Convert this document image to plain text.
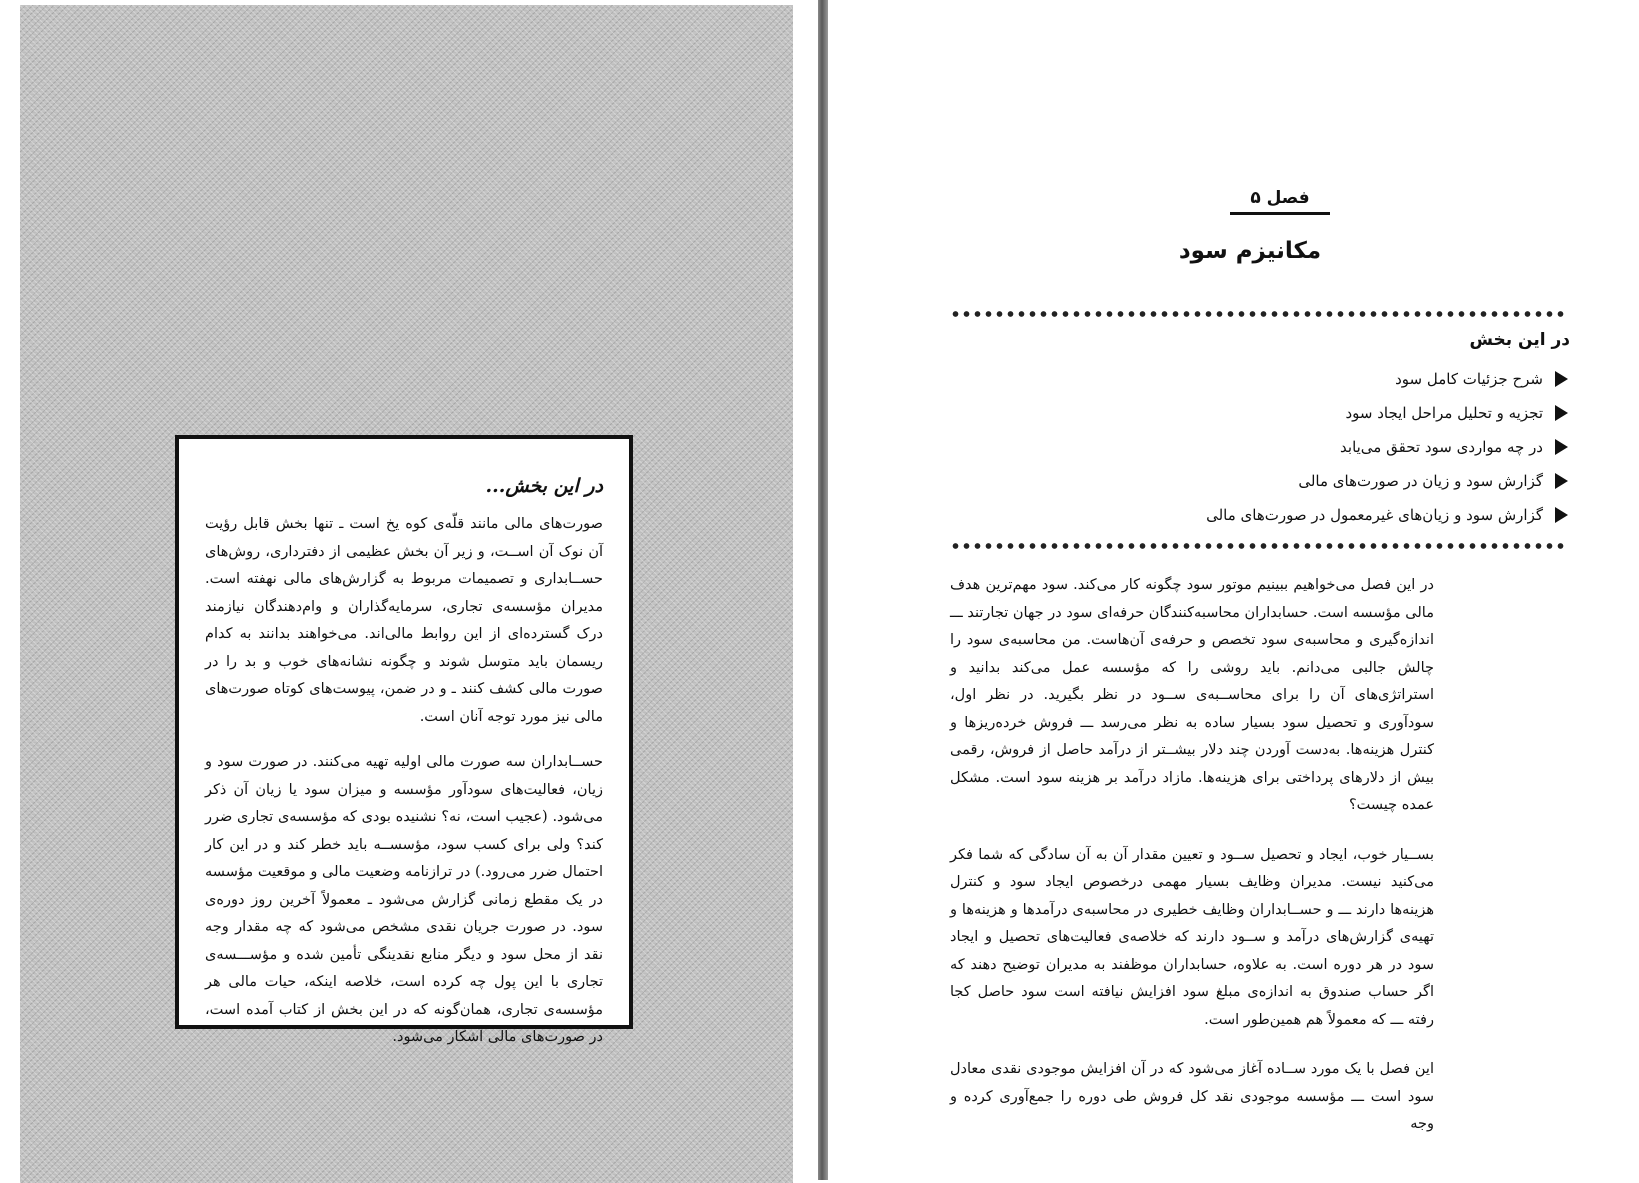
در این بخش...

صورت‌های مالی مانند قلّه‌ی کوه یخ است ـ تنها بخش قابل رؤیت آن نوک آن اســت، و زیر آن بخش عظیمی از دفترداری، روش‌های حســابداری و تصمیمات مربوط به گزارش‌های مالی نهفته است. مدیران مؤسسه‌ی تجاری، سرمایه‌گذاران و وام‌دهندگان نیازمند درک گسترده‌ای از این روابط مالی‌اند. می‌خواهند بدانند به کدام ریسمان باید متوسل شوند و چگونه نشانه‌های خوب و بد را در صورت مالی کشف کنند ـ و در ضمن، پیوست‌های کوتاه صورت‌های مالی نیز مورد توجه آنان است.

حســابداران سه صورت مالی اولیه تهیه می‌کنند. در صورت سود و زیان، فعالیت‌های سودآور مؤسسه و میزان سود یا زیان آن ذکر می‌شود. (عجیب است، نه؟ نشنیده بودی که مؤسسه‌ی تجاری ضرر کند؟ ولی برای کسب سود، مؤسســه باید خطر کند و در این کار احتمال ضرر می‌رود.) در ترازنامه وضعیت مالی و موقعیت مؤسسه در یک مقطع زمانی گزارش می‌شود ـ معمولاً آخرین روز دوره‌ی سود. در صورت جریان نقدی مشخص می‌شود که چه مقدار وجه نقد از محل سود و دیگر منابع نقدینگی تأمین شده و مؤســـسه‌ی تجاری با این پول چه کرده است، خلاصه اینکه، حیات مالی هر مؤسسه‌ی تجاری، همان‌گونه که در این بخش از کتاب آمده است، در صورت‌های مالی آشکار می‌شود.

فصل ۵
مکانیزم سود
در این بخش
شرح جزئیات کامل سود
تجزیه و تحلیل مراحل ایجاد سود
در چه مواردی سود تحقق می‌یابد
گزارش سود و زیان در صورت‌های مالی
گزارش سود و زیان‌های غیرمعمول در صورت‌های مالی

در این فصل می‌خواهیم ببینیم موتور سود چگونه کار می‌کند. سود مهم‌ترین هدف مالی مؤسسه است. حسابداران محاسبه‌کنندگان حرفه‌ای سود در جهان تجارتند ـــ اندازه‌گیری و محاسبه‌ی سود تخصص و حرفه‌ی آن‌هاست. من محاسبه‌ی سود را چالش جالبی می‌دانم. باید روشی را که مؤسسه عمل می‌کند بدانید و استراتژی‌های آن را برای محاســبه‌ی ســود در نظر بگیرید. در نظر اول، سودآوری و تحصیل سود بسیار ساده به نظر می‌رسد ـــ فروش خرده‌ریزها و کنترل هزینه‌ها. به‌دست آوردن چند دلار بیشــتر از درآمد حاصل از فروش، رقمی بیش از دلارهای پرداختی برای هزینه‌ها. مازاد درآمد بر هزینه سود است. مشکل عمده چیست؟

بســیار خوب، ایجاد و تحصیل ســود و تعیین مقدار آن به آن سادگی که شما فکر می‌کنید نیست. مدیران وظایف بسیار مهمی درخصوص ایجاد سود و کنترل هزینه‌ها دارند ـــ و حســابداران وظایف خطیری در محاسبه‌ی درآمدها و هزینه‌ها و تهیه‌ی گزارش‌های درآمد و ســود دارند که خلاصه‌ی فعالیت‌های تحصیل و ایجاد سود در هر دوره است. به علاوه، حسابداران موظفند به مدیران توضیح دهند که اگر حساب صندوق به اندازه‌ی مبلغ سود افزایش نیافته است سود حاصل کجا رفته ـــ که معمولاً هم همین‌طور است.

این فصل با یک مورد ســاده آغاز می‌شود که در آن افزایش موجودی نقدی معادل سود است ـــ مؤسسه موجودی نقد کل فروش طی دوره را جمع‌آوری کرده و وجه
